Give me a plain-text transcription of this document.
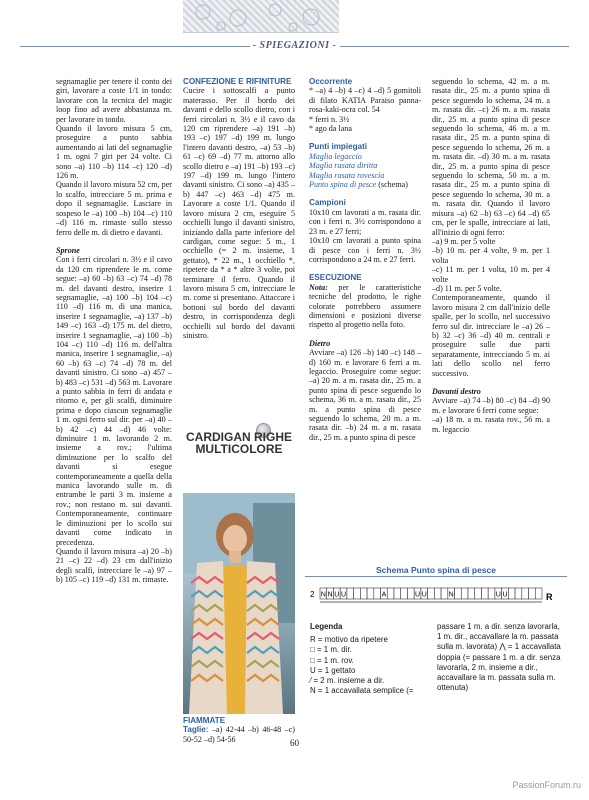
- SPIEGAZIONI -

segnamaglie per tenere il conto dei giri, lavorare a coste 1/1 in tondo: lavorare con la tecnica del magic loop fino ad avere abbastanza m. per lavorare in tondo.

Quando il lavoro misura 5 cm, proseguire a punto sabbia aumentando ai lati del segnamaglie 1 m. ogni 7 giri per 24 volte. Ci sono –a) 110 –b) 114 –c) 120 –d) 126 m.

Quando il lavoro misura 52 cm, per lo scalfo, intrecciare 5 m. prima e dopo il segnamaglie. Lasciare in sospeso le –a) 100 –b) 104 –c) 110 –d) 116 m. rimaste sullo stesso ferro delle m. di dietro e davanti.

Sprone

Con i ferri circolari n. 3½ e il cavo da 120 cm riprendere le m. come segue: –a) 60 –b) 63 –c) 74 –d) 78 m. del davanti destro, inserire 1 segnamaglie, –a) 100 –b) 104 –c) 110 –d) 116 m. di una manica, inserire 1 segnamaglie, –a) 137 –b) 149 –c) 163 –d) 175 m. del dietro, inserire 1 segnamaglie, –a) 100 –b) 104 –c) 110 –d) 116 m. dell'altra manica, inserire 1 segnamaglie, –a) 60 –b) 63 –c) 74 –d) 78 m. del davanti sinistro. Ci sono –a) 457 –b) 483 –c) 531 –d) 563 m. Lavorare a punto sabbia in ferri di andata e ritorno e, per gli scalfi, diminuire prima e dopo ciascun segnamaglie 1 m. ogni ferro sul dir. per –a) 40 –b) 42 –c) 44 –d) 46 volte: diminuire 1 m. lavorando 2 m. insieme a rov.; l'ultima diminuzione per lo scalfo del davanti si esegue contemporaneamente a quella della manica lavorando sulle m. di entrambe le parti 3 m. insieme a rov.; non restano m. sui davanti. Contemporaneamente, continuare le diminuzioni per lo scollo sui davanti come indicato in precedenza.

Quando il lavoro misura –a) 20 –b) 21 –c) 22 –d) 23 cm dall'inizio degli scalfi, intrecciare le –a) 97 –b) 105 –c) 119 –d) 131 m. rimaste.

CONFEZIONE E RIFINITURE

Cucire i sottoscalfi a punto materasso. Per il bordo dei davanti e dello scollo dietro, con i ferri circolari n. 3½ e il cavo da 120 cm riprendere –a) 191 –b) 193 –c) 197 –d) 199 m. lungo l'intero davanti destro, –a) 53 –b) 61 –c) 69 –d) 77 m. attorno allo scollo dietro e –a) 191 –b) 193 –c) 197 –d) 199 m. lungo l'intero davanti sinistro. Ci sono –a) 435 –b) 447 –c) 463 –d) 475 m. Lavorare a coste 1/1. Quando il lavoro misura 2 cm, eseguire 5 occhielli lungo il davanti sinistro, iniziando dalla parte inferiore del cardigan, come segue: 5 m., 1 occhiello (= 2 m. insieme, 1 gettato), * 22 m., 1 occhiello *, ripetere da * a * altre 3 volte, poi terminare il ferro. Quando il lavoro misura 5 cm, intrecciare le m. come si presentano. Attaccare i bottoni sul bordo del davanti destro, in corrispondenza degli occhielli sul bordo del davanti sinistro.

CARDIGAN RIGHE MULTICOLORE

FIAMMATE

Taglie: –a) 42-44 –b) 46-48 –c) 50-52 –d) 54-56

Occorrente

* –a) 4 –b) 4 –c) 4 –d) 5 gomitoli di filato KATIA Paraiso panna-rosa-kaki-ocra col. 54

* ferri n. 3½

* ago da lana

Punti impiegati

Maglia legaccio

Maglia rasata diritta

Maglia rasata rovescia

Punto spina di pesce (schema)

Campioni

10x10 cm lavorati a m. rasata dir. con i ferri n. 3½ corrispondono a 23 m. e 27 ferri;

10x10 cm lavorati a punto spina di pesce con i ferri n. 3½ corrispondono a 24 m. e 27 ferri.

ESECUZIONE

Nota: per le caratteristiche tecniche del prodotto, le righe colorate potrebbero assumere dimensioni e posizioni diverse rispetto al progetto nella foto.

Dietro

Avviare –a) 126 –b) 140 –c) 148 –d) 160 m. e lavorare 6 ferri a m. legaccio. Proseguire come segue: –a) 20 m. a m. rasata dir., 25 m. a punto spina di pesce seguendo lo schema, 36 m. a m. rasata dir., 25 m. a punto spina di pesce seguendo lo schema, 20 m. a m. rasata dir. –b) 24 m. a m. rasata dir., 25 m. a punto spina di pesce

seguendo lo schema, 42 m. a m. rasata dir., 25 m. a punto spina di pesce seguendo lo schema, 24 m. a m. rasata dir. –c) 26 m. a m. rasata dir., 25 m. a punto spina di pesce seguendo lo schema, 46 m. a m. rasata dir., 25 m. a punto spina di pesce seguendo lo schema, 26 m. a m. rasata dir. –d) 30 m. a m. rasata dir., 25 m. a punto spina di pesce seguendo lo schema, 50 m. a m. rasata dir., 25 m. a punto spina di pesce seguendo lo schema, 30 m. a m. rasata dir. Quando il lavoro misura –a) 62 –b) 63 –c) 64 –d) 65 cm, per le spalle, intrecciare ai lati, all'inizio di ogni ferro:

–a) 9 m. per 5 volte

–b) 10 m. per 4 volte, 9 m. per 1 volta

–c) 11 m. per 1 volta, 10 m. per 4 volte

–d) 11 m. per 5 volte.

Contemporaneamente, quando il lavoro misura 2 cm dall'inizio delle spalle, per lo scollo, nel successivo ferro sul dir. intrecciare le –a) 26 –b) 32 –c) 36 –d) 40 m. centrali e proseguire sulle due parti separatamente, intrecciando 5 m. ai lati dello scollo nel ferro successivo.

Davanti destro

Avviare –a) 74 –b) 80 –c) 84 –d) 90 m. e lavorare 6 ferri come segue:

–a) 18 m. a m. rasata rov., 56 m. a m. legaccio

Schema Punto spina di pesce
2 N N U U	A	U U	N	U U	R
Legenda
R = motivo da ripetere
□ = 1 m. dir.
□ = 1 m. rov.
U = 1 gettato
⁄ = 2 m. insieme a dir.
N = 1 accavallata semplice (=
passare 1 m. a dir. senza lavorarla, 1 m. dir., accavallare la m. passata sulla m. lavorata) ⋀ = 1 accavallata doppia (= passare 1 m. a dir. senza lavorarla, 2 m. insieme a dir., accavallare la m. passata sulla m. ottenuta)
60
PassionForum.ru
